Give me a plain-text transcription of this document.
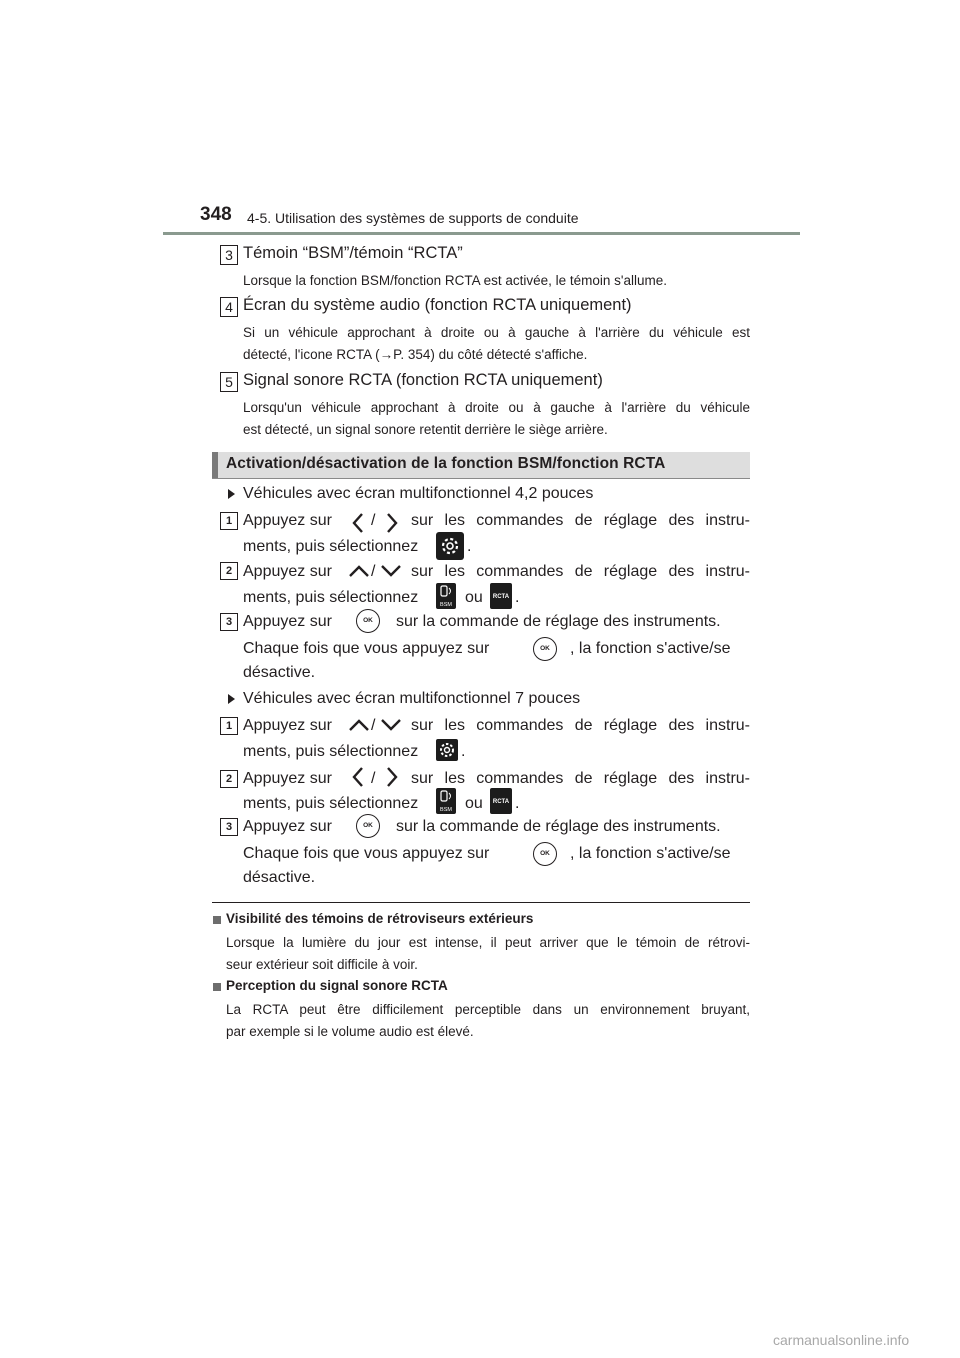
348 4-5. Utilisation des systèmes de supports de conduite
3 Témoin “BSM”/témoin “RCTA”
Lorsque la fonction BSM/fonction RCTA est activée, le témoin s'allume.
4 Écran du système audio (fonction RCTA uniquement)
Si un véhicule approchant à droite ou à gauche à l'arrière du véhicule est
détecté, l'icone RCTA (→P. 354) du côté détecté s'affiche.
5 Signal sonore RCTA (fonction RCTA uniquement)
Lorsqu'un véhicule approchant à droite ou à gauche à l'arrière du véhicule
est détecté, un signal sonore retentit derrière le siège arrière.
Activation/désactivation de la fonction BSM/fonction RCTA
Véhicules avec écran multifonctionnel 4,2 pouces
1 Appuyez sur / sur les commandes de réglage des instru-
ments, puis sélectionnez	.
2 Appuyez sur / sur les commandes de réglage des instru-
ments, puis sélectionnez	BSM ou RCTA .
3 Appuyez sur	OK	sur la commande de réglage des instruments.
Chaque fois que vous appuyez sur	OK	, la fonction s'active/se
désactive.
Véhicules avec écran multifonctionnel 7 pouces
1 Appuyez sur / sur les commandes de réglage des instru-
ments, puis sélectionnez	.
2 Appuyez sur / sur les commandes de réglage des instru-
ments, puis sélectionnez	BSM ou RCTA .
3 Appuyez sur	OK	sur la commande de réglage des instruments.
Chaque fois que vous appuyez sur	OK	, la fonction s'active/se
désactive.
Visibilité des témoins de rétroviseurs extérieurs
Lorsque la lumière du jour est intense, il peut arriver que le témoin de rétrovi-
seur extérieur soit difficile à voir.
Perception du signal sonore RCTA
La RCTA peut être difficilement perceptible dans un environnement bruyant,
par exemple si le volume audio est élevé.
carmanualsonline.info
